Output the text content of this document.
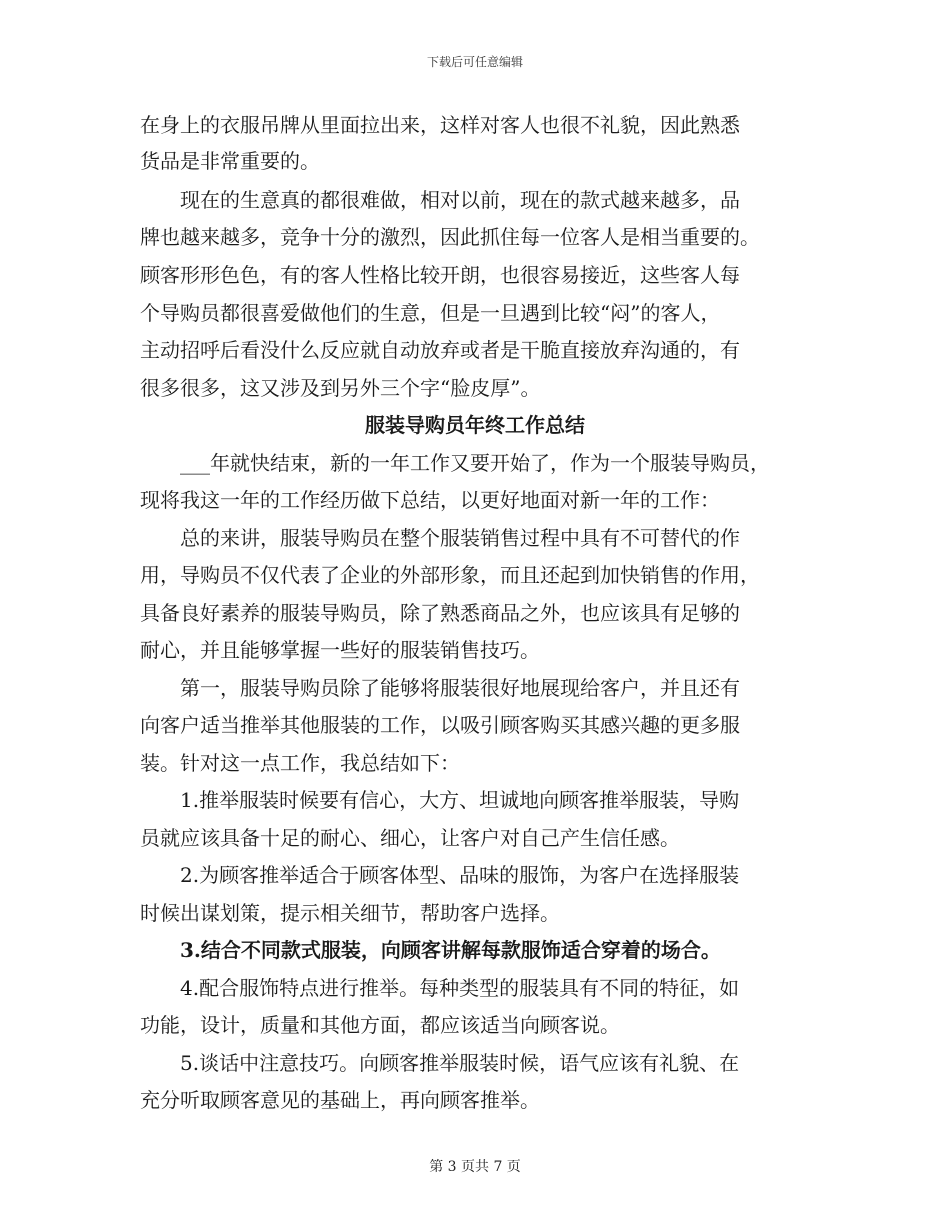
下载后可任意编辑
在身上的衣服吊牌从里面拉出来，这样对客人也很不礼貌，因此熟悉
货品是非常重要的。
　　现在的生意真的都很难做，相对以前，现在的款式越来越多，品
牌也越来越多，竞争十分的激烈，因此抓住每一位客人是相当重要的。
顾客形形色色，有的客人性格比较开朗，也很容易接近，这些客人每
个导购员都很喜爱做他们的生意，但是一旦遇到比较“闷”的客人，
主动招呼后看没什么反应就自动放弃或者是干脆直接放弃沟通的，有
很多很多，这又涉及到另外三个字“脸皮厚”。
服装导购员年终工作总结
　　___年就快结束，新的一年工作又要开始了，作为一个服装导购员，
现将我这一年的工作经历做下总结，以更好地面对新一年的工作：
　　总的来讲，服装导购员在整个服装销售过程中具有不可替代的作
用，导购员不仅代表了企业的外部形象，而且还起到加快销售的作用，
具备良好素养的服装导购员，除了熟悉商品之外，也应该具有足够的
耐心，并且能够掌握一些好的服装销售技巧。
　　第一，服装导购员除了能够将服装很好地展现给客户，并且还有
向客户适当推举其他服装的工作，以吸引顾客购买其感兴趣的更多服
装。针对这一点工作，我总结如下：
　　1.推举服装时候要有信心，大方、坦诚地向顾客推举服装，导购
员就应该具备十足的耐心、细心，让客户对自己产生信任感。
　　2.为顾客推举适合于顾客体型、品味的服饰，为客户在选择服装
时候出谋划策，提示相关细节，帮助客户选择。
　　3.结合不同款式服装，向顾客讲解每款服饰适合穿着的场合。
　　4.配合服饰特点进行推举。每种类型的服装具有不同的特征，如
功能，设计，质量和其他方面，都应该适当向顾客说。
　　5.谈话中注意技巧。向顾客推举服装时候，语气应该有礼貌、在
充分听取顾客意见的基础上，再向顾客推举。
第 3 页共 7 页
